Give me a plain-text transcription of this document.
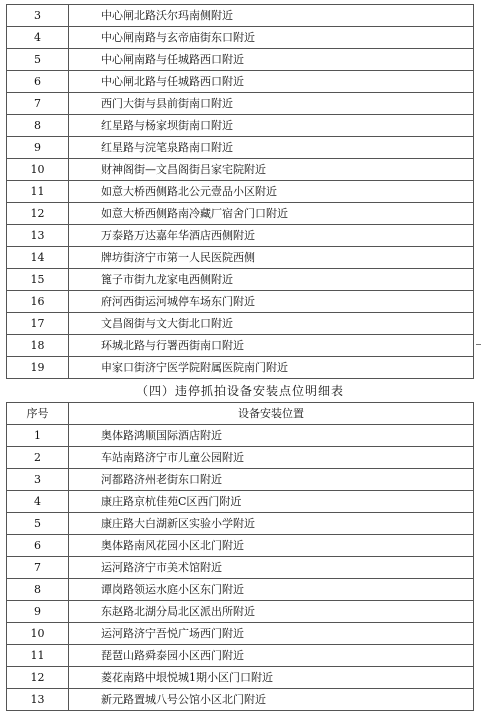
3	中心闸北路沃尔玛南侧附近
4	中心闸南路与玄帝庙街东口附近
5	中心闸南路与任城路西口附近
6	中心闸北路与任城路西口附近
7	西门大街与县前街南口附近
8	红星路与杨家坝街南口附近
9	红星路与浣笔泉路南口附近
10	财神阁街—文昌阁街吕家宅院附近
11	如意大桥西侧路北公元壹品小区附近
12	如意大桥西侧路南冷藏厂宿舍门口附近
13	万泰路万达嘉年华酒店西侧附近
14	牌坊街济宁市第一人民医院西侧
15	篦子市街九龙家电西侧附近
16	府河西街运河城停车场东门附近
17	文昌阁街与文大街北口附近
18	环城北路与行署西街南口附近
19	申家口街济宁医学院附属医院南门附近
（四）违停抓拍设备安装点位明细表
序号	设备安装位置
1	奥体路鸿顺国际酒店附近
2	车站南路济宁市儿童公园附近
3	河都路济州老街东口附近
4	康庄路京杭佳苑C区西门附近
5	康庄路大白湖新区实验小学附近
6	奥体路南风花园小区北门附近
7	运河路济宁市美术馆附近
8	谭岗路领运水庭小区东门附近
9	东赵路北湖分局北区派出所附近
10	运河路济宁吾悦广场西门附近
11	琵琶山路舜泰园小区西门附近
12	菱花南路中垠悦城1期小区门口附近
13	新元路置城八号公馆小区北门附近
